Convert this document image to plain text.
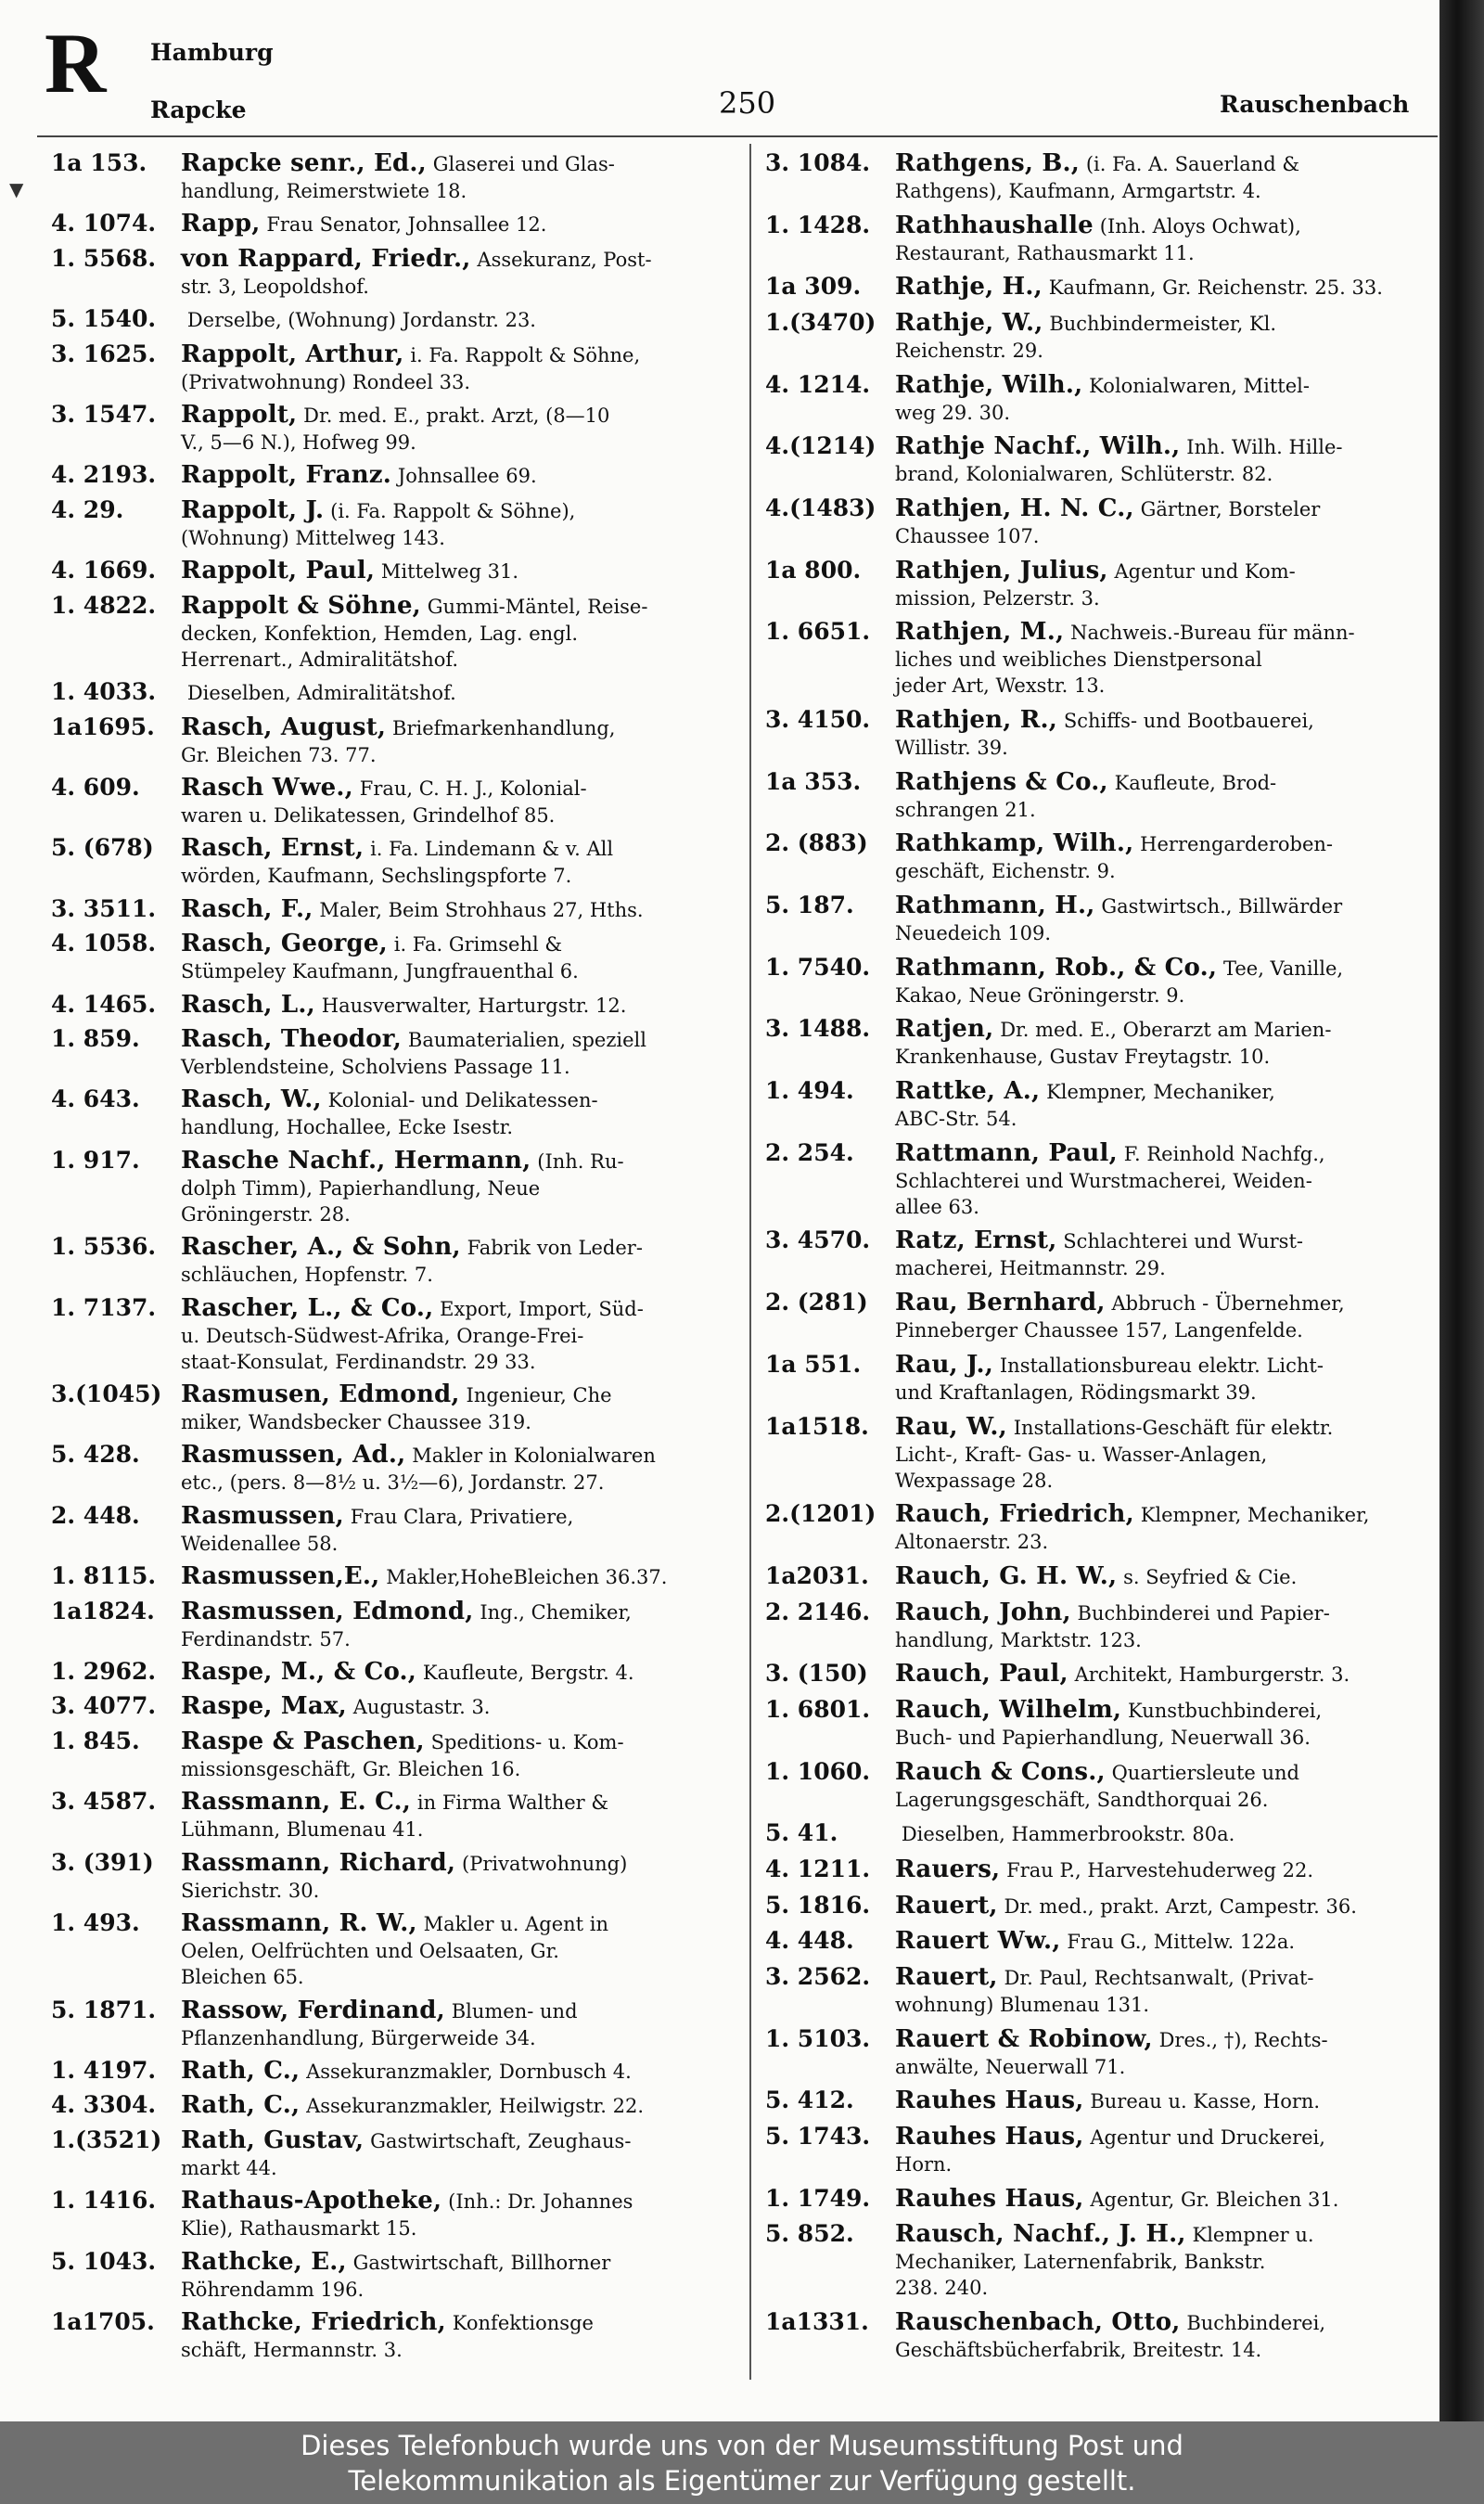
R Hamburg
Rapcke	250	Rauschenbach
▼
1a 153. Rapcke senr., Ed., Glaserei und Glas-
handlung, Reimerstwiete 18.
4. 1074. Rapp, Frau Senator, Johnsallee 12.
1. 5568. von Rappard, Friedr., Assekuranz, Post-
str. 3, Leopoldshof.
5. 1540. Derselbe, (Wohnung) Jordanstr. 23.
3. 1625. Rappolt, Arthur, i. Fa. Rappolt & Söhne,
(Privatwohnung) Rondeel 33.
3. 1547. Rappolt, Dr. med. E., prakt. Arzt, (8—10
V., 5—6 N.), Hofweg 99.
4. 2193. Rappolt, Franz. Johnsallee 69.
4. 29. Rappolt, J. (i. Fa. Rappolt & Söhne),
(Wohnung) Mittelweg 143.
4. 1669. Rappolt, Paul, Mittelweg 31.
1. 4822. Rappolt & Söhne, Gummi-Mäntel, Reise-
decken, Konfektion, Hemden, Lag. engl.
Herrenart., Admiralitätshof.
1. 4033. Dieselben, Admiralitätshof.
1a1695. Rasch, August, Briefmarkenhandlung,
Gr. Bleichen 73. 77.
4. 609. Rasch Wwe., Frau, C. H. J., Kolonial-
waren u. Delikatessen, Grindelhof 85.
5. (678) Rasch, Ernst, i. Fa. Lindemann & v. All
wörden, Kaufmann, Sechslingspforte 7.
3. 3511. Rasch, F., Maler, Beim Strohhaus 27, Hths.
4. 1058. Rasch, George, i. Fa. Grimsehl &
Stümpeley Kaufmann, Jungfrauenthal 6.
4. 1465. Rasch, L., Hausverwalter, Harturgstr. 12.
1. 859. Rasch, Theodor, Baumaterialien, speziell
Verblendsteine, Scholviens Passage 11.
4. 643. Rasch, W., Kolonial- und Delikatessen-
handlung, Hochallee, Ecke Isestr.
1. 917. Rasche Nachf., Hermann, (Inh. Ru-
dolph Timm), Papierhandlung, Neue
Gröningerstr. 28.
1. 5536. Rascher, A., & Sohn, Fabrik von Leder-
schläuchen, Hopfenstr. 7.
1. 7137. Rascher, L., & Co., Export, Import, Süd-
u. Deutsch-Südwest-Afrika, Orange-Frei-
staat-Konsulat, Ferdinandstr. 29 33.
3.(1045) Rasmusen, Edmond, Ingenieur, Che
miker, Wandsbecker Chaussee 319.
5. 428. Rasmussen, Ad., Makler in Kolonialwaren
etc., (pers. 8—8½ u. 3½—6), Jordanstr. 27.
2. 448. Rasmussen, Frau Clara, Privatiere,
Weidenallee 58.
1. 8115. Rasmussen,E., Makler,HoheBleichen 36.37.
1a1824. Rasmussen, Edmond, Ing., Chemiker,
Ferdinandstr. 57.
1. 2962. Raspe, M., & Co., Kaufleute, Bergstr. 4.
3. 4077. Raspe, Max, Augustastr. 3.
1. 845. Raspe & Paschen, Speditions- u. Kom-
missionsgeschäft, Gr. Bleichen 16.
3. 4587. Rassmann, E. C., in Firma Walther &
Lühmann, Blumenau 41.
3. (391) Rassmann, Richard, (Privatwohnung)
Sierichstr. 30.
1. 493. Rassmann, R. W., Makler u. Agent in
Oelen, Oelfrüchten und Oelsaaten, Gr.
Bleichen 65.
5. 1871. Rassow, Ferdinand, Blumen- und
Pflanzenhandlung, Bürgerweide 34.
1. 4197. Rath, C., Assekuranzmakler, Dornbusch 4.
4. 3304. Rath, C., Assekuranzmakler, Heilwigstr. 22.
1.(3521) Rath, Gustav, Gastwirtschaft, Zeughaus-
markt 44.
1. 1416. Rathaus-Apotheke, (Inh.: Dr. Johannes
Klie), Rathausmarkt 15.
5. 1043. Rathcke, E., Gastwirtschaft, Billhorner
Röhrendamm 196.
1a1705. Rathcke, Friedrich, Konfektionsge
schäft, Hermannstr. 3.
3. 1084. Rathgens, B., (i. Fa. A. Sauerland &
Rathgens), Kaufmann, Armgartstr. 4.
1. 1428. Rathhaushalle (Inh. Aloys Ochwat),
Restaurant, Rathausmarkt 11.
1a 309. Rathje, H., Kaufmann, Gr. Reichenstr. 25. 33.
1.(3470) Rathje, W., Buchbindermeister, Kl.
Reichenstr. 29.
4. 1214. Rathje, Wilh., Kolonialwaren, Mittel-
weg 29. 30.
4.(1214) Rathje Nachf., Wilh., Inh. Wilh. Hille-
brand, Kolonialwaren, Schlüterstr. 82.
4.(1483) Rathjen, H. N. C., Gärtner, Borsteler
Chaussee 107.
1a 800. Rathjen, Julius, Agentur und Kom-
mission, Pelzerstr. 3.
1. 6651. Rathjen, M., Nachweis.-Bureau für männ-
liches und weibliches Dienstpersonal
jeder Art, Wexstr. 13.
3. 4150. Rathjen, R., Schiffs- und Bootbauerei,
Willistr. 39.
1a 353. Rathjens & Co., Kaufleute, Brod-
schrangen 21.
2. (883) Rathkamp, Wilh., Herrengarderoben-
geschäft, Eichenstr. 9.
5. 187. Rathmann, H., Gastwirtsch., Billwärder
Neuedeich 109.
1. 7540. Rathmann, Rob., & Co., Tee, Vanille,
Kakao, Neue Gröningerstr. 9.
3. 1488. Ratjen, Dr. med. E., Oberarzt am Marien-
Krankenhause, Gustav Freytagstr. 10.
1. 494. Rattke, A., Klempner, Mechaniker,
ABC-Str. 54.
2. 254. Rattmann, Paul, F. Reinhold Nachfg.,
Schlachterei und Wurstmacherei, Weiden-
allee 63.
3. 4570. Ratz, Ernst, Schlachterei und Wurst-
macherei, Heitmannstr. 29.
2. (281) Rau, Bernhard, Abbruch - Übernehmer,
Pinneberger Chaussee 157, Langenfelde.
1a 551. Rau, J., Installationsbureau elektr. Licht-
und Kraftanlagen, Rödingsmarkt 39.
1a1518. Rau, W., Installations-Geschäft für elektr.
Licht-, Kraft- Gas- u. Wasser-Anlagen,
Wexpassage 28.
2.(1201) Rauch, Friedrich, Klempner, Mechaniker,
Altonaerstr. 23.
1a2031. Rauch, G. H. W., s. Seyfried & Cie.
2. 2146. Rauch, John, Buchbinderei und Papier-
handlung, Marktstr. 123.
3. (150) Rauch, Paul, Architekt, Hamburgerstr. 3.
1. 6801. Rauch, Wilhelm, Kunstbuchbinderei,
Buch- und Papierhandlung, Neuerwall 36.
1. 1060. Rauch & Cons., Quartiersleute und
Lagerungsgeschäft, Sandthorquai 26.
5. 41.	Dieselben, Hammerbrookstr. 80a.
4. 1211. Rauers, Frau P., Harvestehuderweg 22.
5. 1816. Rauert, Dr. med., prakt. Arzt, Campestr. 36.
4. 448. Rauert Ww., Frau G., Mittelw. 122a.
3. 2562. Rauert, Dr. Paul, Rechtsanwalt, (Privat-
wohnung) Blumenau 131.
1. 5103. Rauert & Robinow, Dres., †), Rechts-
anwälte, Neuerwall 71.
5. 412. Rauhes Haus, Bureau u. Kasse, Horn.
5. 1743. Rauhes Haus, Agentur und Druckerei,
Horn.
1. 1749. Rauhes Haus, Agentur, Gr. Bleichen 31.
5. 852. Rausch, Nachf., J. H., Klempner u.
Mechaniker, Laternenfabrik, Bankstr.
238. 240.
1a1331. Rauschenbach, Otto, Buchbinderei,
Geschäftsbücherfabrik, Breitestr. 14.
Dieses Telefonbuch wurde uns von der Museumsstiftung Post und
Telekommunikation als Eigentümer zur Verfügung gestellt.
